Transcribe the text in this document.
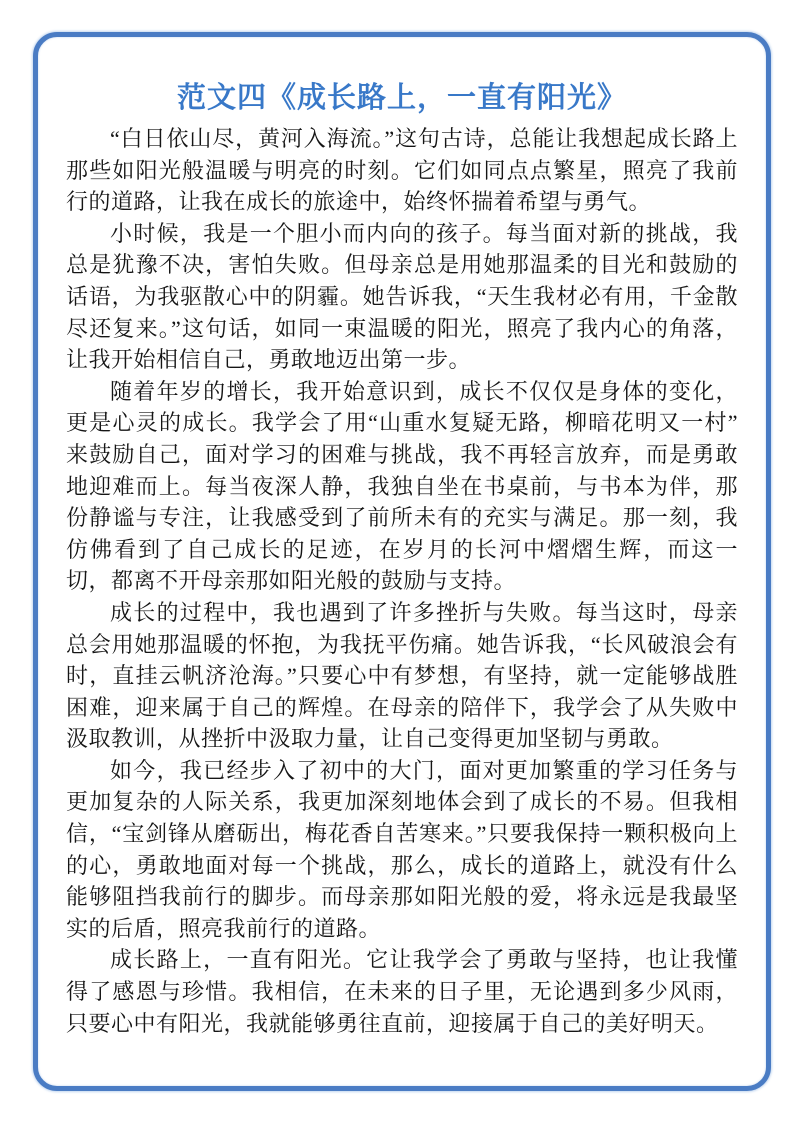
范文四《成长路上，一直有阳光》

“白日依山尽，黄河入海流。”这句古诗，总能让我想起成长路上那些如阳光般温暖与明亮的时刻。它们如同点点繁星，照亮了我前行的道路，让我在成长的旅途中，始终怀揣着希望与勇气。

小时候，我是一个胆小而内向的孩子。每当面对新的挑战，我总是犹豫不决，害怕失败。但母亲总是用她那温柔的目光和鼓励的话语，为我驱散心中的阴霾。她告诉我，“天生我材必有用，千金散尽还复来。”这句话，如同一束温暖的阳光，照亮了我内心的角落，让我开始相信自己，勇敢地迈出第一步。

随着年岁的增长，我开始意识到，成长不仅仅是身体的变化，更是心灵的成长。我学会了用“山重水复疑无路，柳暗花明又一村”来鼓励自己，面对学习的困难与挑战，我不再轻言放弃，而是勇敢地迎难而上。每当夜深人静，我独自坐在书桌前，与书本为伴，那份静谧与专注，让我感受到了前所未有的充实与满足。那一刻，我仿佛看到了自己成长的足迹，在岁月的长河中熠熠生辉，而这一切，都离不开母亲那如阳光般的鼓励与支持。

成长的过程中，我也遇到了许多挫折与失败。每当这时，母亲总会用她那温暖的怀抱，为我抚平伤痛。她告诉我，“长风破浪会有时，直挂云帆济沧海。”只要心中有梦想，有坚持，就一定能够战胜困难，迎来属于自己的辉煌。在母亲的陪伴下，我学会了从失败中汲取教训，从挫折中汲取力量，让自己变得更加坚韧与勇敢。

如今，我已经步入了初中的大门，面对更加繁重的学习任务与更加复杂的人际关系，我更加深刻地体会到了成长的不易。但我相信，“宝剑锋从磨砺出，梅花香自苦寒来。”只要我保持一颗积极向上的心，勇敢地面对每一个挑战，那么，成长的道路上，就没有什么能够阻挡我前行的脚步。而母亲那如阳光般的爱，将永远是我最坚实的后盾，照亮我前行的道路。

成长路上，一直有阳光。它让我学会了勇敢与坚持，也让我懂得了感恩与珍惜。我相信，在未来的日子里，无论遇到多少风雨，只要心中有阳光，我就能够勇往直前，迎接属于自己的美好明天。
